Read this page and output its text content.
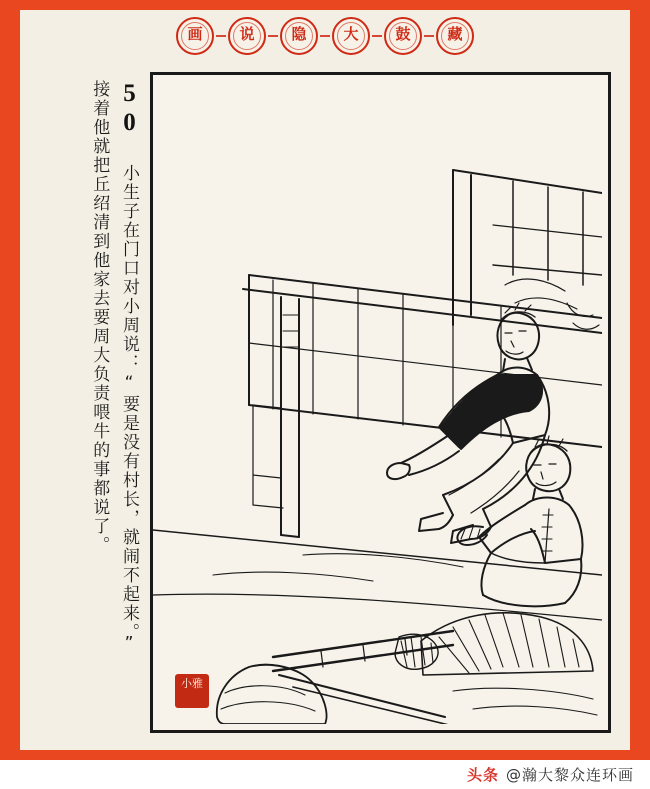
画	说	隐	大	鼓	藏
50 小生子在门口对小周说：“要是没有村长，就闹不起来。”
接着他就把丘绍清到他家去要周大负责喂牛的事都说了。
小雅
头条 @瀚大黎众连环画
